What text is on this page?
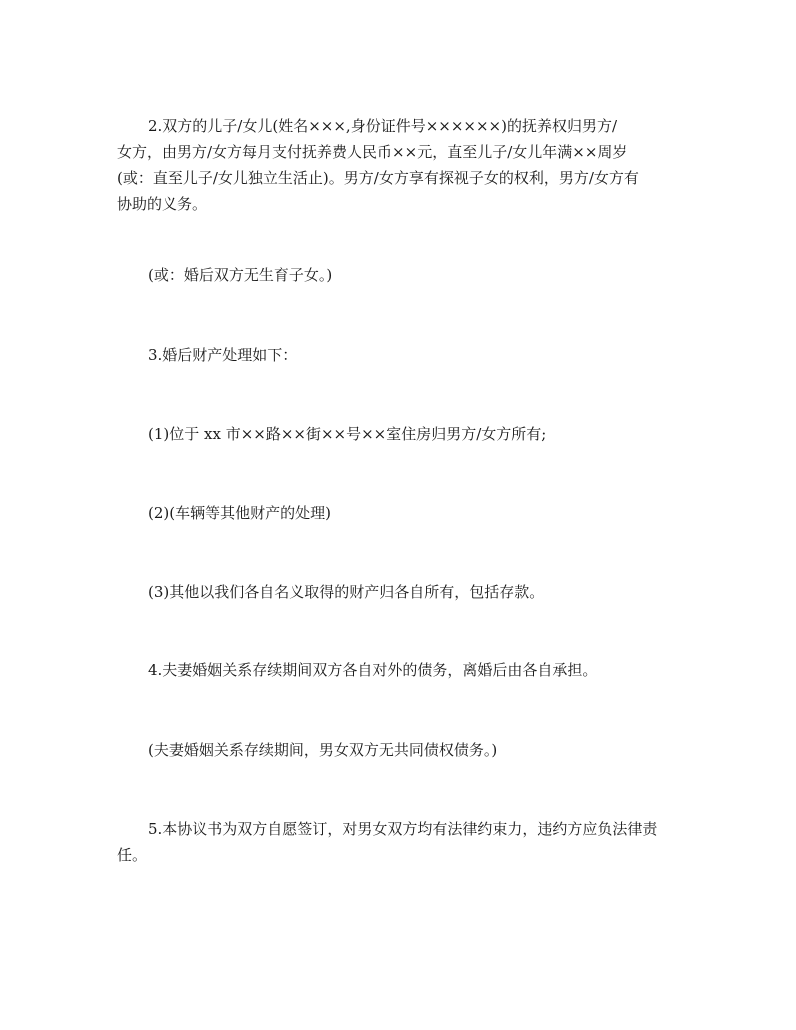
2.双方的儿子/女儿(姓名×××,身份证件号××××××)的抚养权归男方/
女方，由男方/女方每月支付抚养费人民币××元，直至儿子/女儿年满××周岁
(或：直至儿子/女儿独立生活止)。男方/女方享有探视子女的权利，男方/女方有
协助的义务。

(或：婚后双方无生育子女。)

3.婚后财产处理如下：

(1)位于 xx 市××路××街××号××室住房归男方/女方所有;

(2)(车辆等其他财产的处理)

(3)其他以我们各自名义取得的财产归各自所有，包括存款。

4.夫妻婚姻关系存续期间双方各自对外的债务，离婚后由各自承担。

(夫妻婚姻关系存续期间，男女双方无共同债权债务。)

5.本协议书为双方自愿签订，对男女双方均有法律约束力，违约方应负法律责
任。
